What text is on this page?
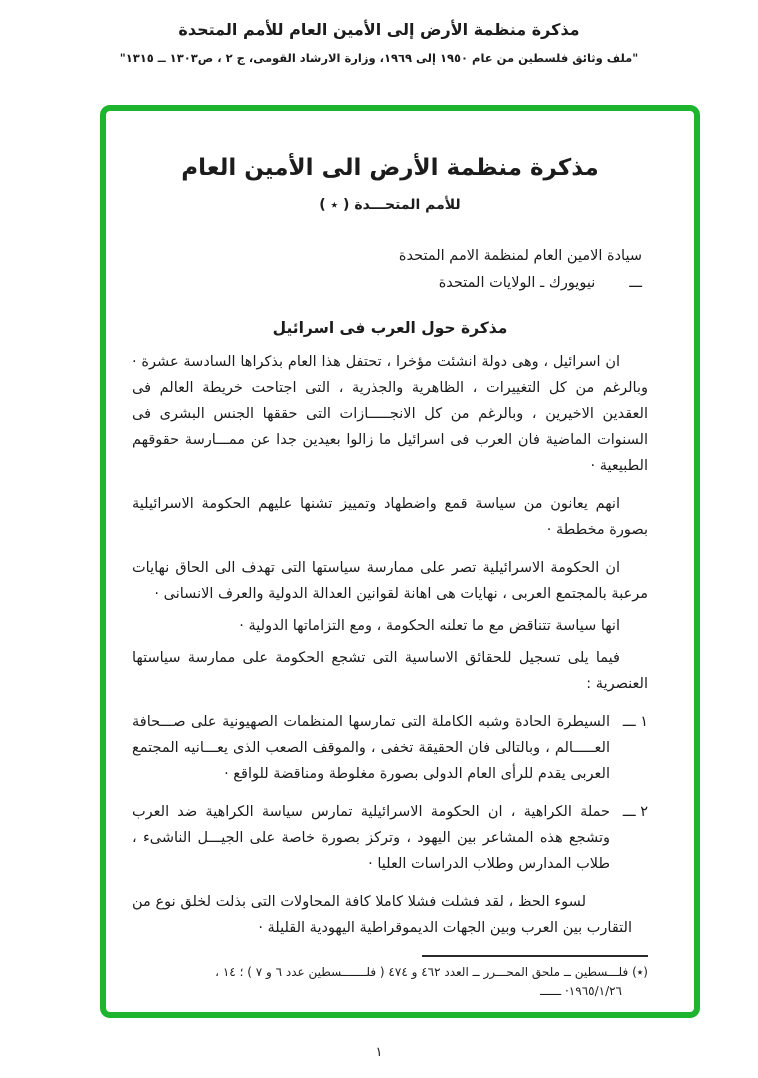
مذكرة منظمة الأرض إلى الأمين العام للأمم المتحدة
"ملف وثائق فلسطين من عام ١٩٥٠ إلى ١٩٦٩، وزارة الارشاد القومى، ج ٢ ، ص١٣٠٣ ــ ١٣١٥"
مذكرة منظمة الأرض الى الأمين العام
للأمم المتحـــدة ( ٭ )
سيادة الامين العام لمنظمة الامم المتحدة
ـــ
نيويورك ـ الولايات المتحدة
مذكرة حول العرب فى اسرائيل
ان اسرائيل ، وهى دولة انشئت مؤخرا ، تحتفل هذا العام بذكراها السادسة عشرة · وبالرغم من كل التغييرات ، الظاهرية والجذرية ، التى اجتاحت خريطة العالم فى العقدين الاخيرين ، وبالرغم من كل الانجـــــازات التى حققها الجنس البشرى فى السنوات الماضية فان العرب فى اسرائيل ما زالوا بعيدين جدا عن ممـــارسة حقوقهم الطبيعية ·
انهم يعانون من سياسة قمع واضطهاد وتمييز تشنها عليهم الحكومة الاسرائيلية بصورة مخططة ·
ان الحكومة الاسرائيلية تصر على ممارسة سياستها التى تهدف الى الحاق نهايات مرعبة بالمجتمع العربى ، نهايات هى اهانة لقوانين العدالة الدولية والعرف الانسانى ·
انها سياسة تتناقض مع ما تعلنه الحكومة ، ومع التزاماتها الدولية ·
فيما يلى تسجيل للحقائق الاساسية التى تشجع الحكومة على ممارسة سياستها العنصرية :
١ ـــ
السيطرة الحادة وشبه الكاملة التى تمارسها المنظمات الصهيونية على صـــحافة العـــــالم ، وبالتالى فان الحقيقة تخفى ، والموقف الصعب الذى يعـــانيه المجتمع العربى يقدم للرأى العام الدولى بصورة مغلوطة ومناقضة للواقع ·
٢ ـــ
حملة الكراهية ، ان الحكومة الاسرائيلية تمارس سياسة الكراهية ضد العرب وتشجع هذه المشاعر بين اليهود ، وتركز بصورة خاصة على الجيـــل الناشىء ، طلاب المدارس وطلاب الدراسات العليا ·
لسوء الحظ ، لقد فشلت فشلا كاملا كافة المحاولات التى بذلت لخلق نوع من التقارب بين العرب وبين الجهات الديموقراطية اليهودية القليلة ·
(٭) فلـــسطين ــ ملحق المحـــرر ــ العدد ٤٦٢ و ٤٧٤ ( فلـــــــسطين عدد ٦ و ٧ ) ؛ ١٤ ،
١٩٦٥/١/٢٦· ــــــ
١
